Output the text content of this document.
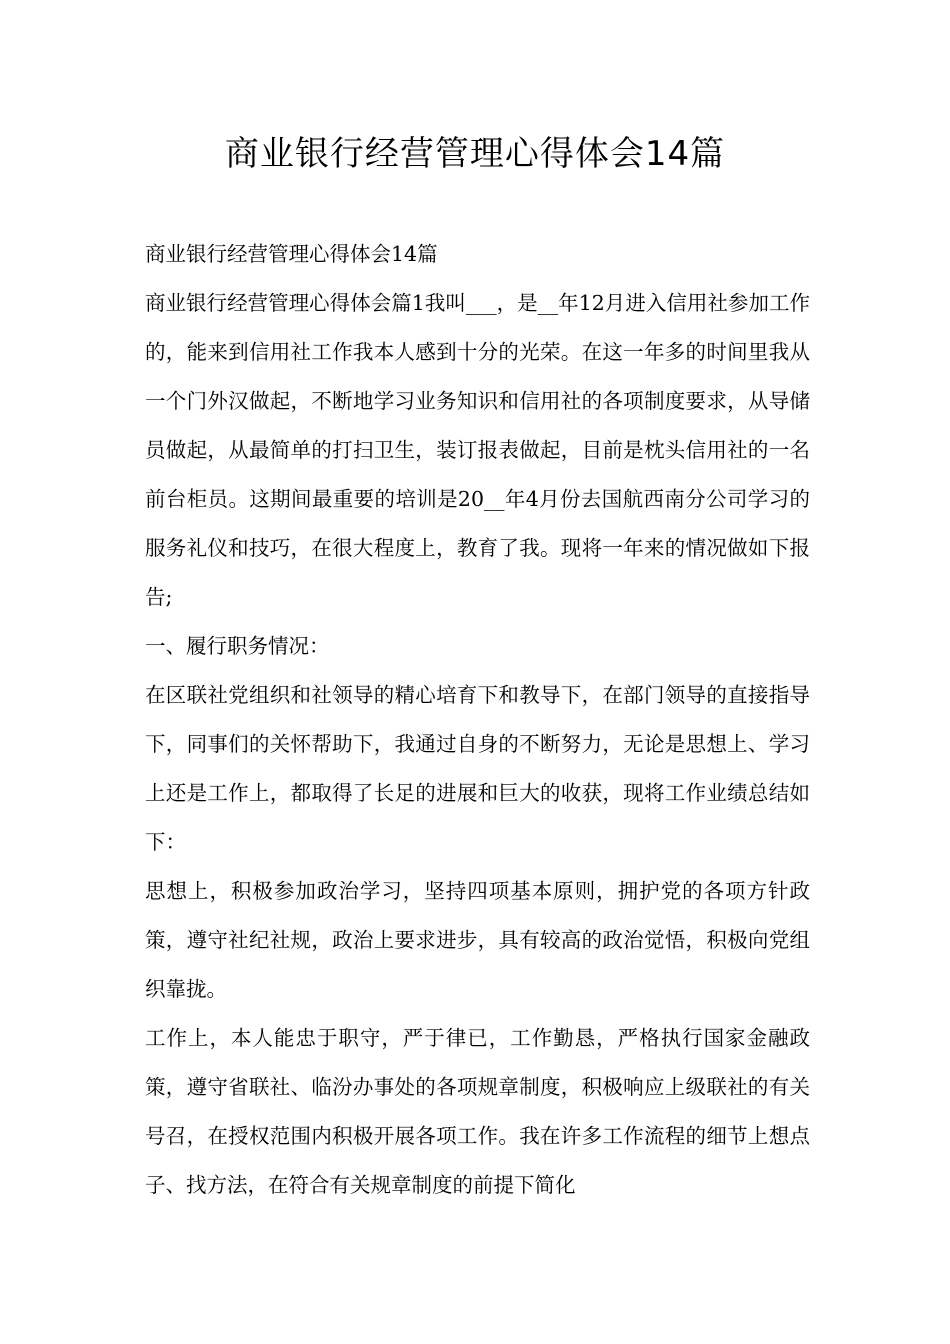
商业银行经营管理心得体会14篇

商业银行经营管理心得体会14篇

商业银行经营管理心得体会篇1我叫___，是__年12月进入信用社参加工作的，能来到信用社工作我本人感到十分的光荣。在这一年多的时间里我从一个门外汉做起，不断地学习业务知识和信用社的各项制度要求，从导储员做起，从最简单的打扫卫生，装订报表做起，目前是枕头信用社的一名前台柜员。这期间最重要的培训是20__年4月份去国航西南分公司学习的服务礼仪和技巧，在很大程度上，教育了我。现将一年来的情况做如下报告;

一、履行职务情况：

在区联社党组织和社领导的精心培育下和教导下，在部门领导的直接指导下，同事们的关怀帮助下，我通过自身的不断努力，无论是思想上、学习上还是工作上，都取得了长足的进展和巨大的收获，现将工作业绩总结如下：

思想上，积极参加政治学习，坚持四项基本原则，拥护党的各项方针政策，遵守社纪社规，政治上要求进步，具有较高的政治觉悟，积极向党组织靠拢。

工作上，本人能忠于职守，严于律已，工作勤恳，严格执行国家金融政策，遵守省联社、临汾办事处的各项规章制度，积极响应上级联社的有关号召，在授权范围内积极开展各项工作。我在许多工作流程的细节上想点子、找方法，在符合有关规章制度的前提下简化
